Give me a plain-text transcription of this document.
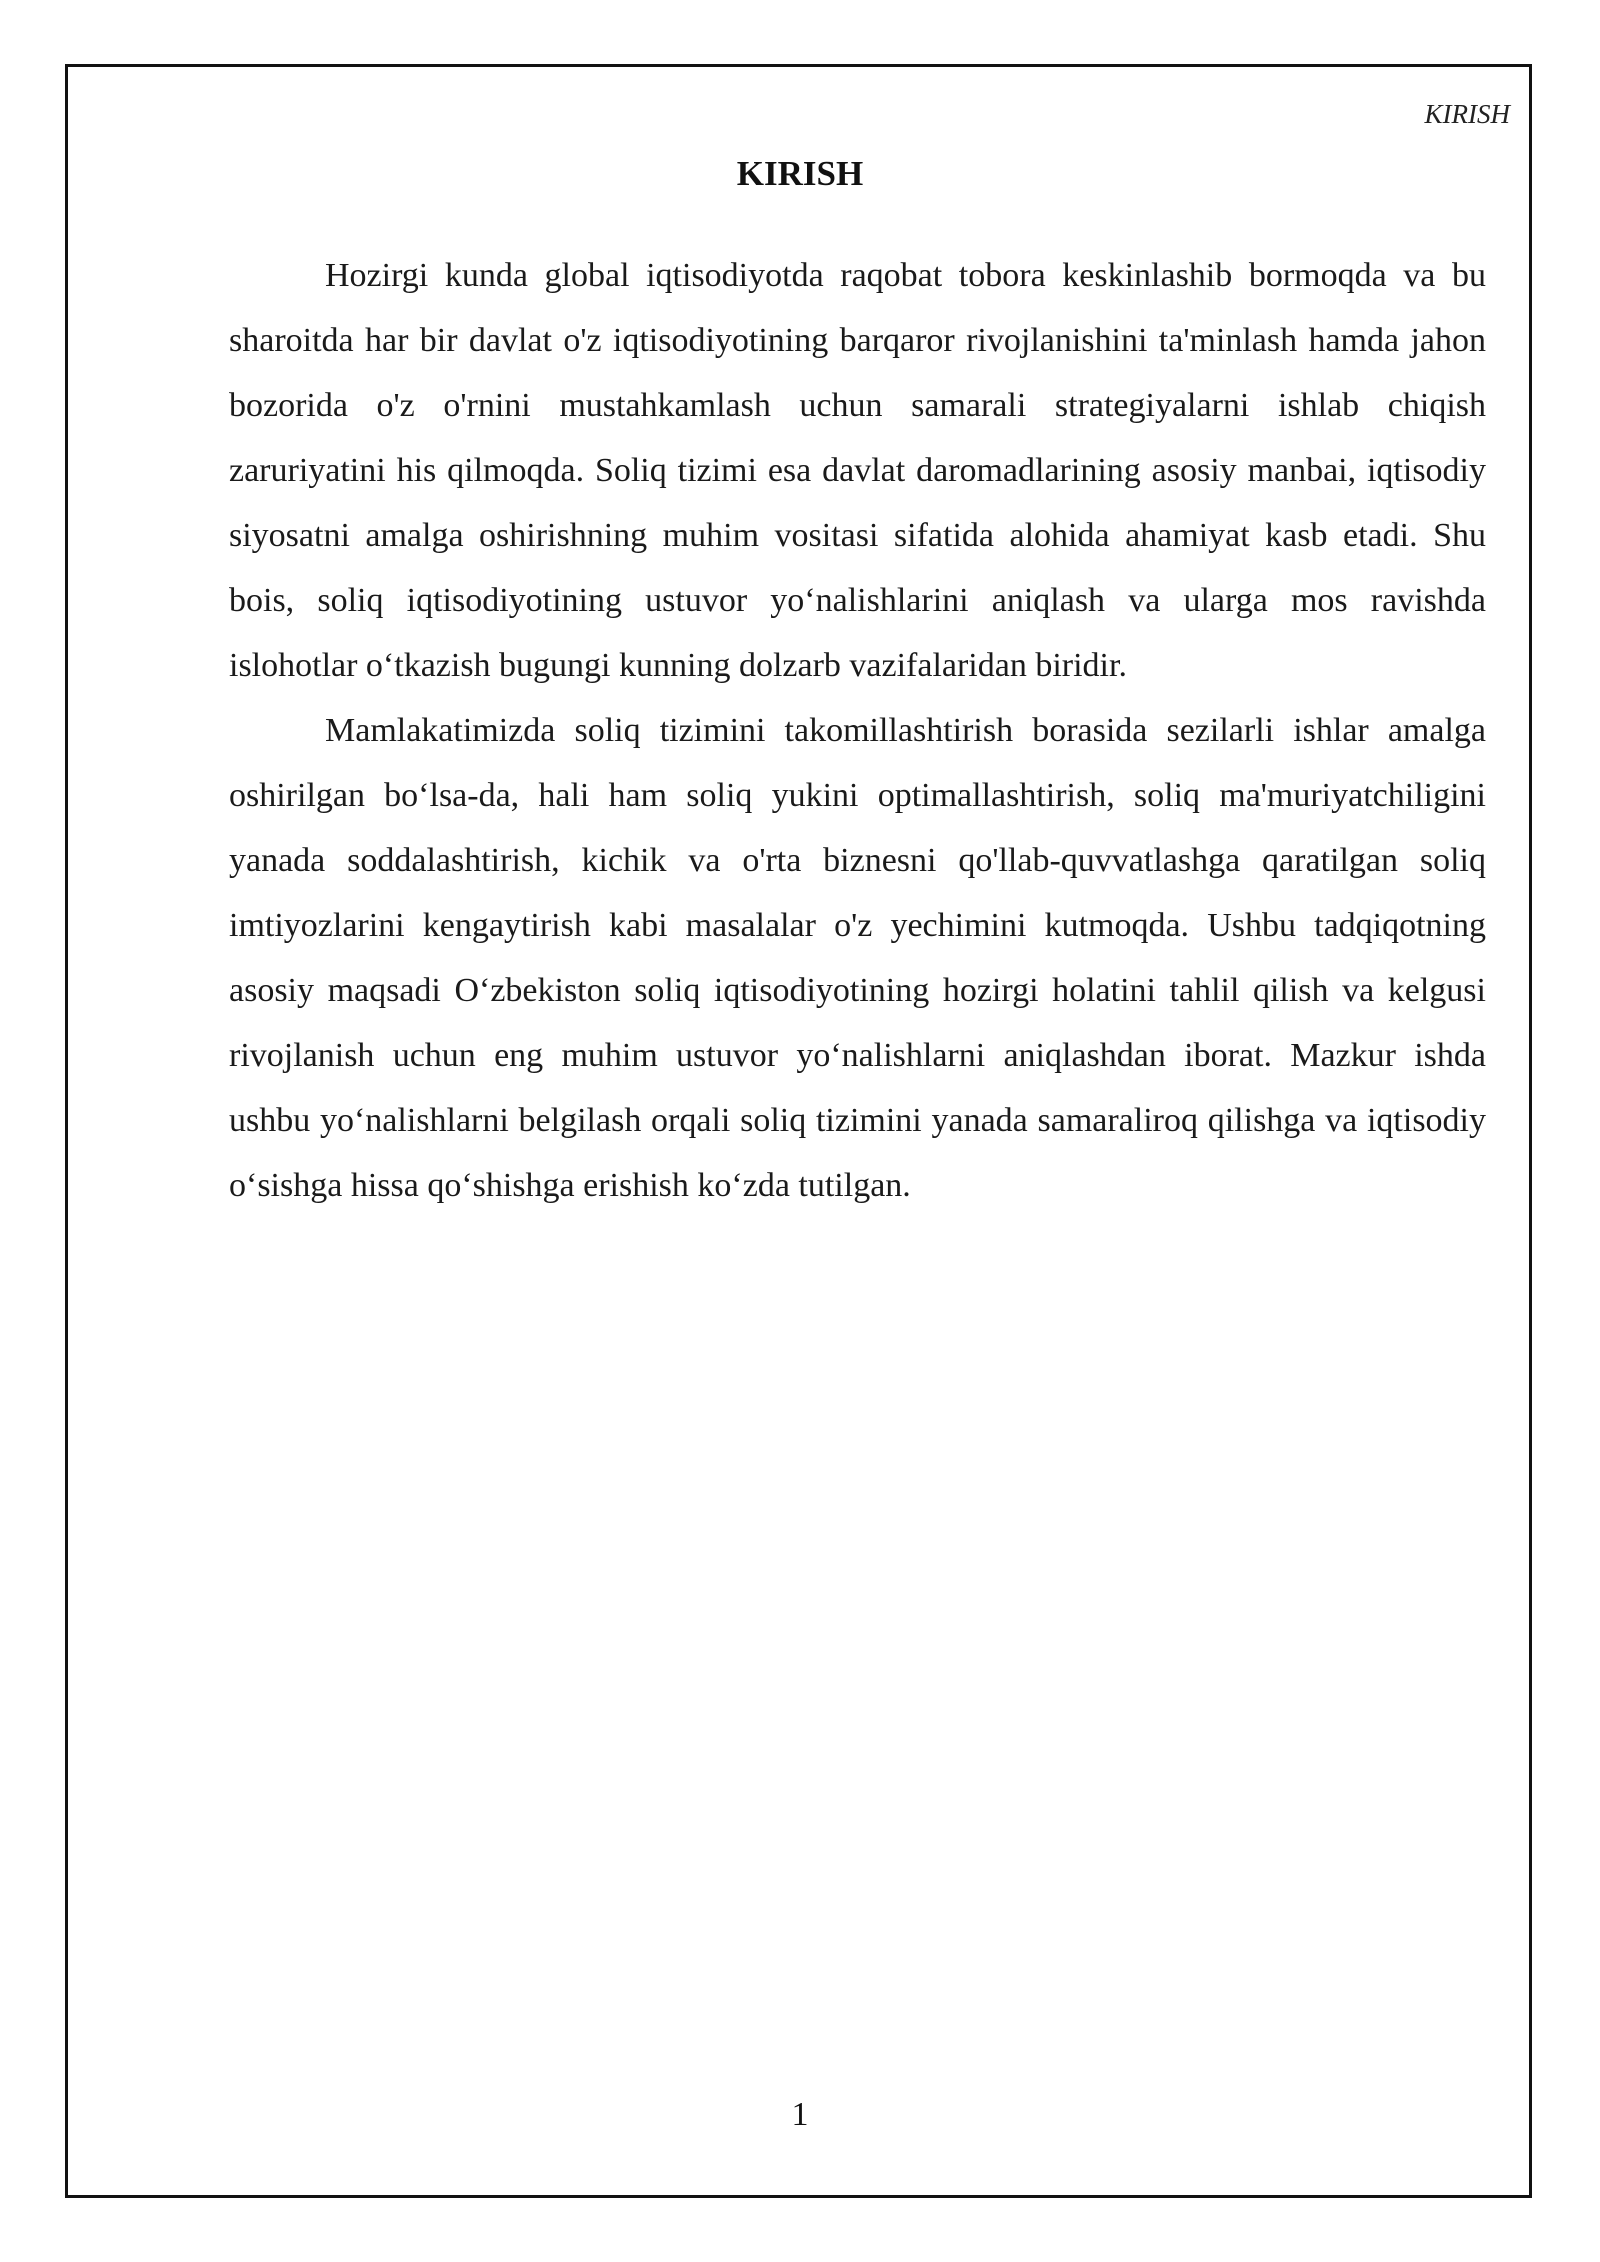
KIRISH
KIRISH

Hozirgi kunda global iqtisodiyotda raqobat tobora keskinlashib bormoqda va bu sharoitda har bir davlat o'z iqtisodiyotining barqaror rivojlanishini ta'minlash hamda jahon bozorida o'z o'rnini mustahkamlash uchun samarali strategiyalarni ishlab chiqish zaruriyatini his qilmoqda. Soliq tizimi esa davlat daromadlarining asosiy manbai, iqtisodiy siyosatni amalga oshirishning muhim vositasi sifatida alohida ahamiyat kasb etadi. Shu bois, soliq iqtisodiyotining ustuvor yo‘nalishlarini aniqlash va ularga mos ravishda islohotlar o‘tkazish bugungi kunning dolzarb vazifalaridan biridir.

Mamlakatimizda soliq tizimini takomillashtirish borasida sezilarli ishlar amalga oshirilgan bo‘lsa-da, hali ham soliq yukini optimallashtirish, soliq ma'muriyatchiligini yanada soddalashtirish, kichik va o'rta biznesni qo'llab-quvvatlashga qaratilgan soliq imtiyozlarini kengaytirish kabi masalalar o'z yechimini kutmoqda. Ushbu tadqiqotning asosiy maqsadi O‘zbekiston soliq iqtisodiyotining hozirgi holatini tahlil qilish va kelgusi rivojlanish uchun eng muhim ustuvor yo‘nalishlarni aniqlashdan iborat. Mazkur ishda ushbu yo‘nalishlarni belgilash orqali soliq tizimini yanada samaraliroq qilishga va iqtisodiy o‘sishga hissa qo‘shishga erishish ko‘zda tutilgan.

1
